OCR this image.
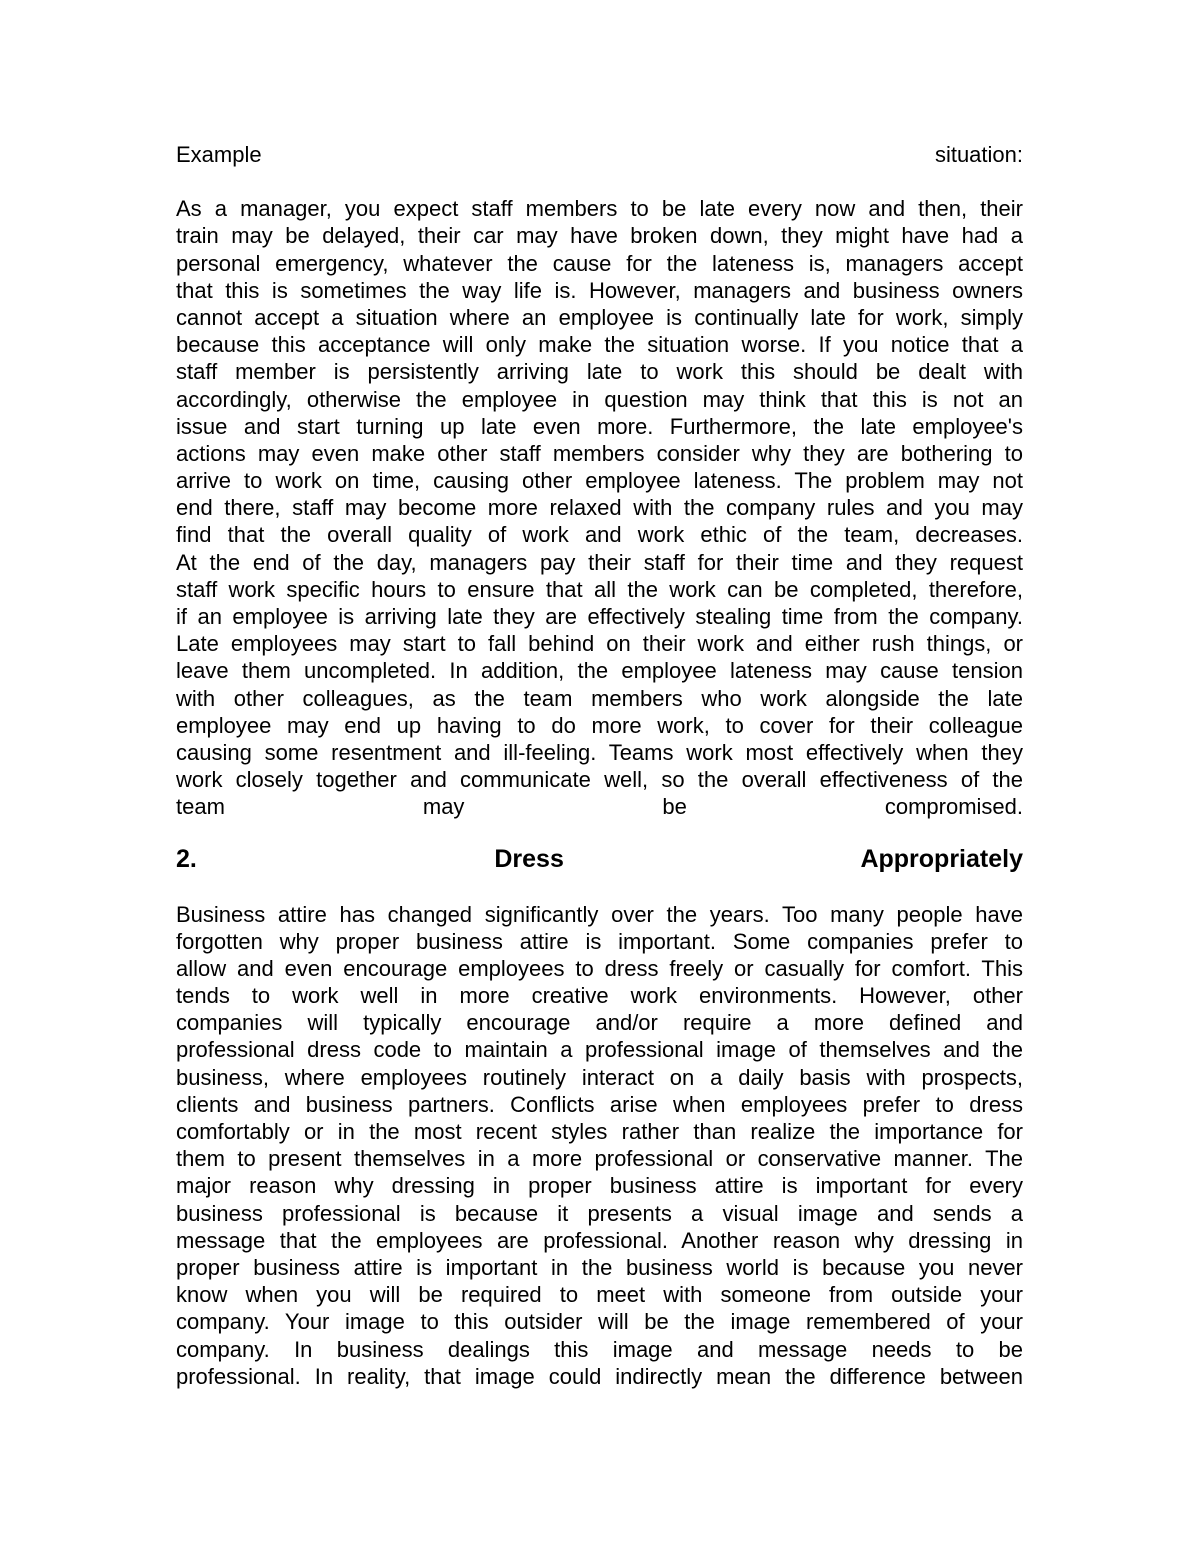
Example situation:
As a manager, you expect staff members to be late every now and then, their
train may be delayed, their car may have broken down, they might have had a
personal emergency, whatever the cause for the lateness is, managers accept
that this is sometimes the way life is. However, managers and business owners
cannot accept a situation where an employee is continually late for work, simply
because this acceptance will only make the situation worse. If you notice that a
staff member is persistently arriving late to work this should be dealt with
accordingly, otherwise the employee in question may think that this is not an
issue and start turning up late even more. Furthermore, the late employee's
actions may even make other staff members consider why they are bothering to
arrive to work on time, causing other employee lateness. The problem may not
end there, staff may become more relaxed with the company rules and you may
find that the overall quality of work and work ethic of the team, decreases.
At the end of the day, managers pay their staff for their time and they request
staff work specific hours to ensure that all the work can be completed, therefore,
if an employee is arriving late they are effectively stealing time from the company.
Late employees may start to fall behind on their work and either rush things, or
leave them uncompleted. In addition, the employee lateness may cause tension
with other colleagues, as the team members who work alongside the late
employee may end up having to do more work, to cover for their colleague
causing some resentment and ill-feeling. Teams work most effectively when they
work closely together and communicate well, so the overall effectiveness of the
team may be compromised.
2. Dress Appropriately
Business attire has changed significantly over the years. Too many people have
forgotten why proper business attire is important. Some companies prefer to
allow and even encourage employees to dress freely or casually for comfort. This
tends to work well in more creative work environments. However, other
companies will typically encourage and/or require a more defined and
professional dress code to maintain a professional image of themselves and the
business, where employees routinely interact on a daily basis with prospects,
clients and business partners. Conflicts arise when employees prefer to dress
comfortably or in the most recent styles rather than realize the importance for
them to present themselves in a more professional or conservative manner. The
major reason why dressing in proper business attire is important for every
business professional is because it presents a visual image and sends a
message that the employees are professional. Another reason why dressing in
proper business attire is important in the business world is because you never
know when you will be required to meet with someone from outside your
company. Your image to this outsider will be the image remembered of your
company. In business dealings this image and message needs to be
professional. In reality, that image could indirectly mean the difference between
